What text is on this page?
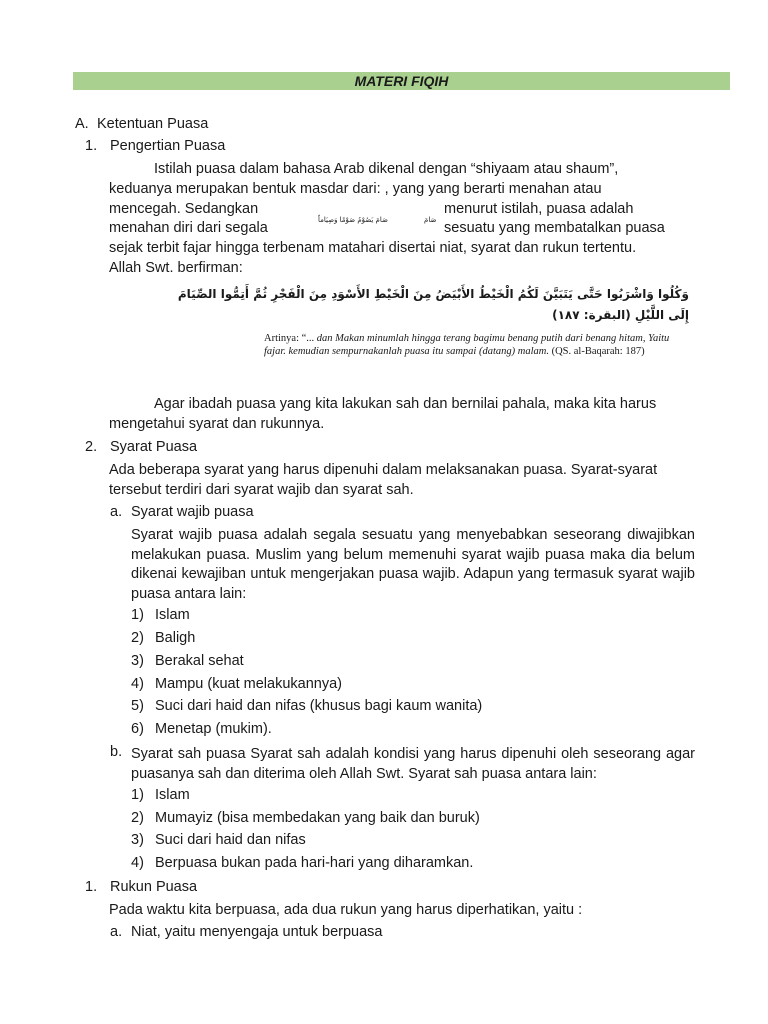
MATERI FIQIH
A. Ketentuan Puasa
1. Pengertian Puasa
Istilah puasa dalam bahasa Arab dikenal dengan “shiyaam atau shaum”,
keduanya merupakan bentuk masdar dari: , yang yang berarti menahan atau
mencegah. Sedangkan	menurut istilah, puasa adalah
صَامَ يَصُوْمُ صَوْمًا وَصِيَاماً	صَامَ
menahan diri dari segala	sesuatu yang membatalkan puasa
sejak terbit fajar hingga terbenam matahari disertai niat, syarat dan rukun tertentu.
Allah Swt. berfirman:
وَكُلُوا وَاشْرَبُوا حَتَّى يَتَبَيَّنَ لَكُمُ الْخَيْطُ الأَبْيَضُ مِنَ الْخَيْطِ الأَسْوَدِ مِنَ الْفَجْرِ ثُمَّ أَتِمُّوا الصِّيَامَ
إِلَى اللَّيْلِ (البقرة: ١٨٧)
Artinya: “... dan Makan minumlah hingga terang bagimu benang putih dari benang hitam, Yaitu fajar. kemudian sempurnakanlah puasa itu sampai (datang) malam. (QS. al-Baqarah: 187)
Agar ibadah puasa yang kita lakukan sah dan bernilai pahala, maka kita harus
mengetahui syarat dan rukunnya.
2. Syarat Puasa
Ada beberapa syarat yang harus dipenuhi dalam melaksanakan puasa. Syarat-syarat
tersebut terdiri dari syarat wajib dan syarat sah.
a. Syarat wajib puasa
Syarat wajib puasa adalah segala sesuatu yang menyebabkan seseorang diwajibkan melakukan puasa. Muslim yang belum memenuhi syarat wajib puasa maka dia belum dikenai kewajiban untuk mengerjakan puasa wajib. Adapun yang termasuk syarat wajib puasa antara lain:
1) Islam
2) Baligh
3) Berakal sehat
4) Mampu (kuat melakukannya)
5) Suci dari haid dan nifas (khusus bagi kaum wanita)
6) Menetap (mukim).
b. Syarat sah puasa Syarat sah adalah kondisi yang harus dipenuhi oleh seseorang agar puasanya sah dan diterima oleh Allah Swt. Syarat sah puasa antara lain:
1) Islam
2) Mumayiz (bisa membedakan yang baik dan buruk)
3) Suci dari haid dan nifas
4) Berpuasa bukan pada hari-hari yang diharamkan.
1. Rukun Puasa
Pada waktu kita berpuasa, ada dua rukun yang harus diperhatikan, yaitu :
a. Niat, yaitu menyengaja untuk berpuasa
